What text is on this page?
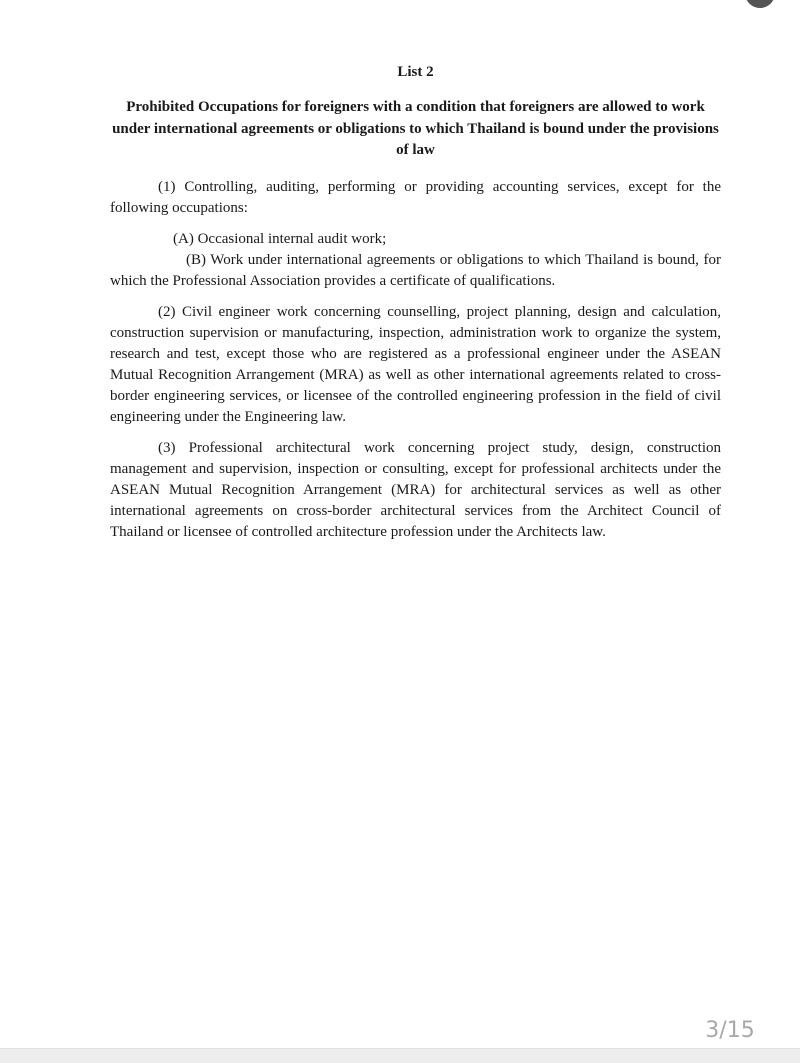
List 2

Prohibited Occupations for foreigners with a condition that foreigners are allowed to work under international agreements or obligations to which Thailand is bound under the provisions of law

(1) Controlling, auditing, performing or providing accounting services, except for the following occupations:

(A) Occasional internal audit work;

(B) Work under international agreements or obligations to which Thailand is bound, for which the Professional Association provides a certificate of qualifications.

(2) Civil engineer work concerning counselling, project planning, design and calculation, construction supervision or manufacturing, inspection, administration work to organize the system, research and test, except those who are registered as a professional engineer under the ASEAN Mutual Recognition Arrangement (MRA) as well as other international agreements related to cross-border engineering services, or licensee of the controlled engineering profession in the field of civil engineering under the Engineering law.

(3) Professional architectural work concerning project study, design, construction management and supervision, inspection or consulting, except for professional architects under the ASEAN Mutual Recognition Arrangement (MRA) for architectural services as well as other international agreements on cross-border architectural services from the Architect Council of Thailand or licensee of controlled architecture profession under the Architects law.

3/15
